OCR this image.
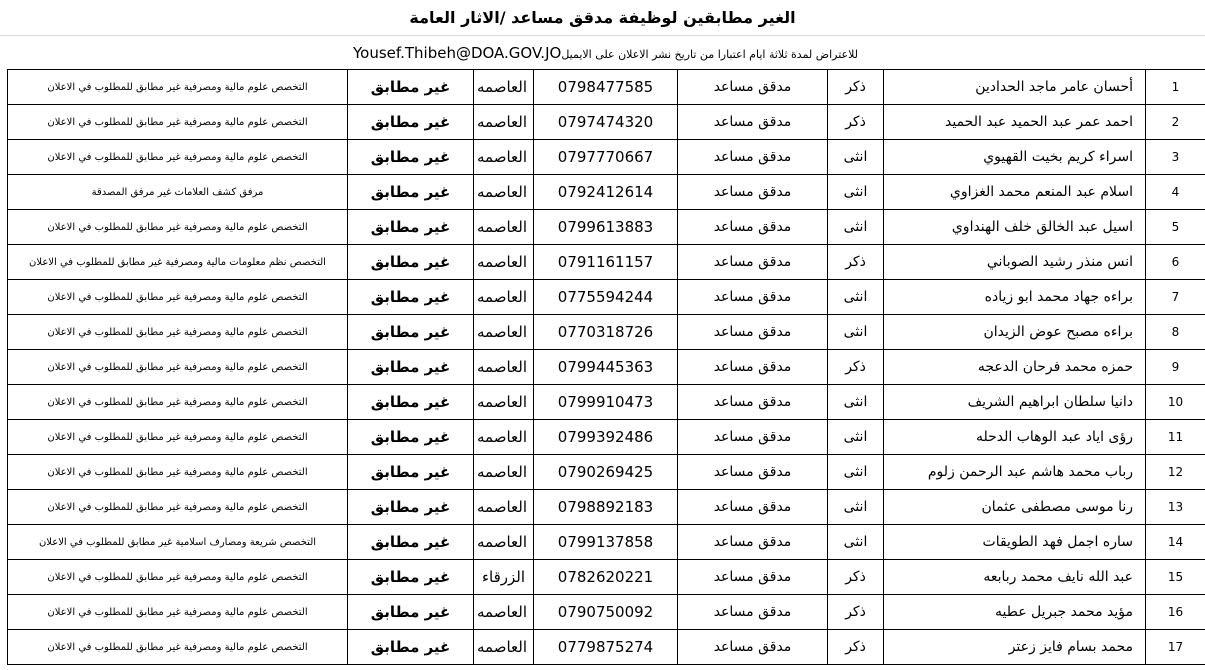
الغير مطابقين لوظيفة مدقق مساعد /الاثار العامة
للاعتراض لمدة ثلاثة ايام اعتبارا من تاريخ نشر الاعلان على الايميلYousef.Thibeh@DOA.GOV.JO
التخصص علوم مالية ومصرفية غير مطابق للمطلوب في الاعلان	غير مطابق	العاصمه	0798477585	مدقق مساعد	ذكر	أحسان عامر ماجد الحدادين	1
التخصص علوم مالية ومصرفية غير مطابق للمطلوب في الاعلان	غير مطابق	العاصمه	0797474320	مدقق مساعد	ذكر	احمد عمر عبد الحميد عبد الحميد	2
التخصص علوم مالية ومصرفية غير مطابق للمطلوب في الاعلان	غير مطابق	العاصمه	0797770667	مدقق مساعد	انثى	اسراء كريم بخيت القهيوي	3
مرفق كشف العلامات غير مرفق المصدقة	غير مطابق	العاصمه	0792412614	مدقق مساعد	انثى	اسلام عبد المنعم محمد الغزاوي	4
التخصص علوم مالية ومصرفية غير مطابق للمطلوب في الاعلان	غير مطابق	العاصمه	0799613883	مدقق مساعد	انثى	اسيل عبد الخالق خلف الهنداوي	5
التخصص نظم معلومات مالية ومصرفية غير مطابق للمطلوب في الاعلان	غير مطابق	العاصمه	0791161157	مدقق مساعد	ذكر	انس منذر رشيد الصوباني	6
التخصص علوم مالية ومصرفية غير مطابق للمطلوب في الاعلان	غير مطابق	العاصمه	0775594244	مدقق مساعد	انثى	براءه جهاد محمد ابو زياده	7
التخصص علوم مالية ومصرفية غير مطابق للمطلوب في الاعلان	غير مطابق	العاصمه	0770318726	مدقق مساعد	انثى	براءه مصبح عوض الزيدان	8
التخصص علوم مالية ومصرفية غير مطابق للمطلوب في الاعلان	غير مطابق	العاصمه	0799445363	مدقق مساعد	ذكر	حمزه محمد فرحان الدعجه	9
التخصص علوم مالية ومصرفية غير مطابق للمطلوب في الاعلان	غير مطابق	العاصمه	0799910473	مدقق مساعد	انثى	دانيا سلطان ابراهيم الشريف	10
التخصص علوم مالية ومصرفية غير مطابق للمطلوب في الاعلان	غير مطابق	العاصمه	0799392486	مدقق مساعد	انثى	رؤى اياد عبد الوهاب الدحله	11
التخصص علوم مالية ومصرفية غير مطابق للمطلوب في الاعلان	غير مطابق	العاصمه	0790269425	مدقق مساعد	انثى	رباب محمد هاشم عبد الرحمن زلوم	12
التخصص علوم مالية ومصرفية غير مطابق للمطلوب في الاعلان	غير مطابق	العاصمه	0798892183	مدقق مساعد	انثى	رنا موسى مصطفى عثمان	13
التخصص شريعة ومصارف اسلامية غير مطابق للمطلوب في الاعلان	غير مطابق	العاصمه	0799137858	مدقق مساعد	انثى	ساره اجمل فهد الطويقات	14
التخصص علوم مالية ومصرفية غير مطابق للمطلوب في الاعلان	غير مطابق	الزرقاء	0782620221	مدقق مساعد	ذكر	عبد الله نايف محمد ربابعه	15
التخصص علوم مالية ومصرفية غير مطابق للمطلوب في الاعلان	غير مطابق	العاصمه	0790750092	مدقق مساعد	ذكر	مؤيد محمد جبريل عطيه	16
التخصص علوم مالية ومصرفية غير مطابق للمطلوب في الاعلان	غير مطابق	العاصمه	0779875274	مدقق مساعد	ذكر	محمد بسام فايز زعتر	17
